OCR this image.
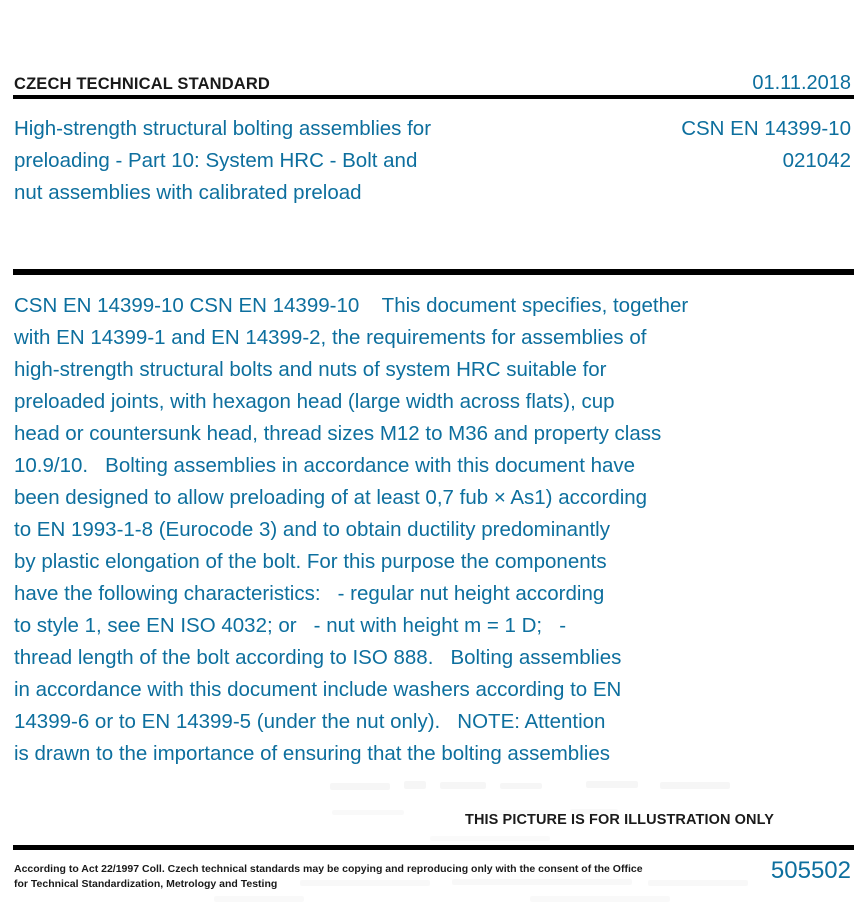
CZECH TECHNICAL STANDARD	01.11.2018
High-strength structural bolting assemblies for
preloading - Part 10: System HRC - Bolt and
nut assemblies with calibrated preload
CSN EN 14399-10
021042
CSN EN 14399-10 CSN EN 14399-10    This document specifies, together
with EN 14399-1 and EN 14399-2, the requirements for assemblies of
high-strength structural bolts and nuts of system HRC suitable for
preloaded joints, with hexagon head (large width across flats), cup
head or countersunk head, thread sizes M12 to M36 and property class
10.9/10.   Bolting assemblies in accordance with this document have
been designed to allow preloading of at least 0,7 fub × As1) according
to EN 1993-1-8 (Eurocode 3) and to obtain ductility predominantly
by plastic elongation of the bolt. For this purpose the components
have the following characteristics:   - regular nut height according
to style 1, see EN ISO 4032; or   - nut with height m = 1 D;   -
thread length of the bolt according to ISO 888.   Bolting assemblies
in accordance with this document include washers according to EN
14399-6 or to EN 14399-5 (under the nut only).   NOTE: Attention
is drawn to the importance of ensuring that the bolting assemblies
THIS PICTURE IS FOR ILLUSTRATION ONLY
According to Act 22/1997 Coll. Czech technical standards may be copying and reproducing only with the consent of the Office
for Technical Standardization, Metrology and Testing	505502
